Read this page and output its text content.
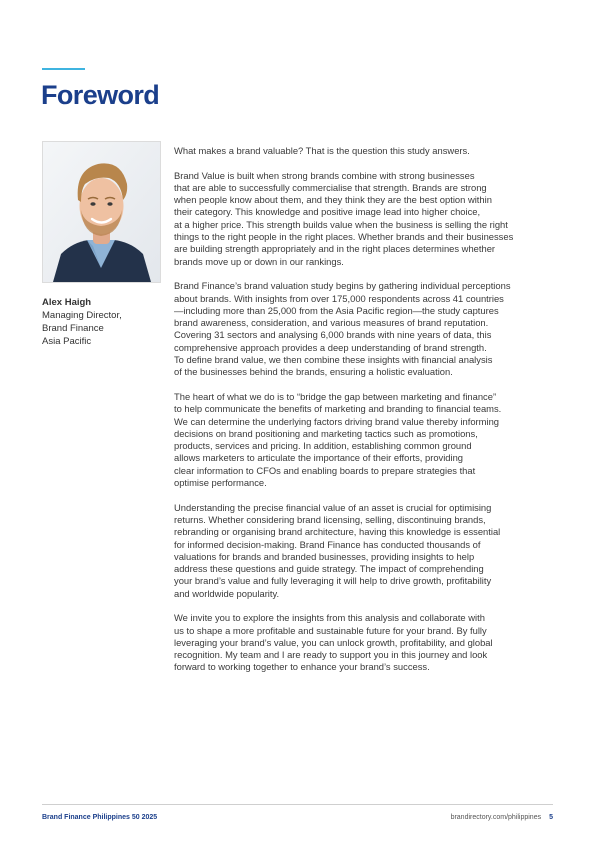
Foreword
Alex Haigh
Managing Director,
Brand Finance
Asia Pacific

What makes a brand valuable? That is the question this study answers.

Brand Value is built when strong brands combine with strong businesses
that are able to successfully commercialise that strength. Brands are strong
when people know about them, and they think they are the best option within
their category. This knowledge and positive image lead into higher choice,
at a higher price. This strength builds value when the business is selling the right
things to the right people in the right places. Whether brands and their businesses
are building strength appropriately and in the right places determines whether
brands move up or down in our rankings.

Brand Finance’s brand valuation study begins by gathering individual perceptions
about brands. With insights from over 175,000 respondents across 41 countries
—including more than 25,000 from the Asia Pacific region—the study captures
brand awareness, consideration, and various measures of brand reputation.
Covering 31 sectors and analysing 6,000 brands with nine years of data, this
comprehensive approach provides a deep understanding of brand strength.
To define brand value, we then combine these insights with financial analysis
of the businesses behind the brands, ensuring a holistic evaluation.

The heart of what we do is to “bridge the gap between marketing and finance”
to help communicate the benefits of marketing and branding to financial teams.
We can determine the underlying factors driving brand value thereby informing
decisions on brand positioning and marketing tactics such as promotions,
products, services and pricing. In addition, establishing common ground
allows marketers to articulate the importance of their efforts, providing
clear information to CFOs and enabling boards to prepare strategies that
optimise performance.

Understanding the precise financial value of an asset is crucial for optimising
returns. Whether considering brand licensing, selling, discontinuing brands,
rebranding or organising brand architecture, having this knowledge is essential
for informed decision-making. Brand Finance has conducted thousands of
valuations for brands and branded businesses, providing insights to help
address these questions and guide strategy. The impact of comprehending
your brand’s value and fully leveraging it will help to drive growth, profitability
and worldwide popularity.

We invite you to explore the insights from this analysis and collaborate with
us to shape a more profitable and sustainable future for your brand. By fully
leveraging your brand’s value, you can unlock growth, profitability, and global
recognition. My team and I are ready to support you in this journey and look
forward to working together to enhance your brand’s success.

Brand Finance Philippines 50 2025	brandirectory.com/philippines 5
